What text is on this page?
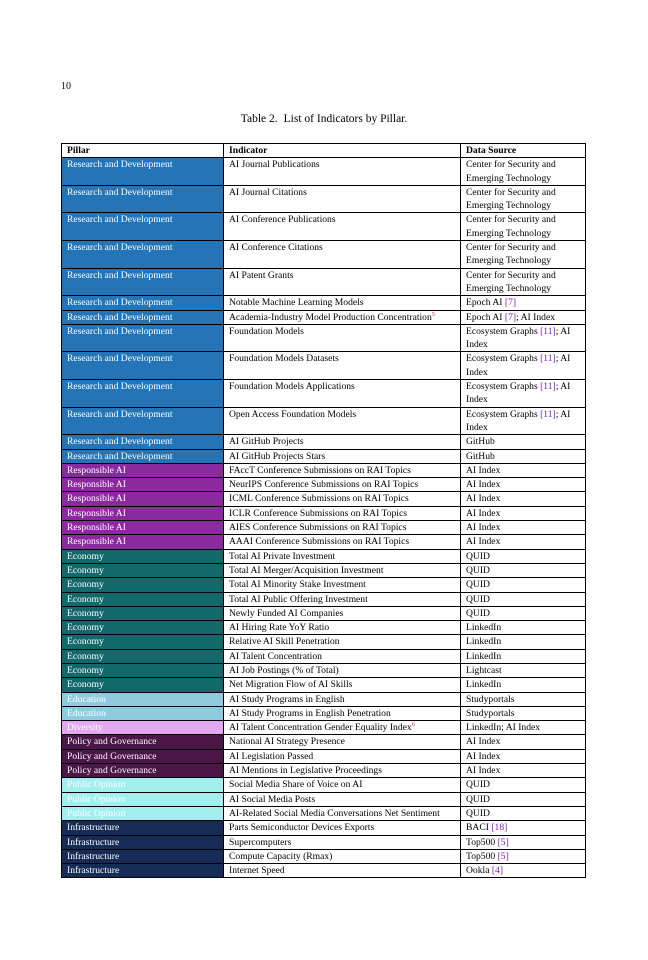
10
Table 2. List of Indicators by Pillar.
Pillar	Indicator	Data Source
Research and Development	AI Journal Publications	Center for Security and Emerging Technology
Research and Development	AI Journal Citations	Center for Security and Emerging Technology
Research and Development	AI Conference Publications	Center for Security and Emerging Technology
Research and Development	AI Conference Citations	Center for Security and Emerging Technology
Research and Development	AI Patent Grants	Center for Security and Emerging Technology
Research and Development	Notable Machine Learning Models	Epoch AI [7]
Research and Development	Academia-Industry Model Production Concentration$^5$	Epoch AI [7]; AI Index
Research and Development	Foundation Models	Ecosystem Graphs [11]; AI Index
Research and Development	Foundation Models Datasets	Ecosystem Graphs [11]; AI Index
Research and Development	Foundation Models Applications	Ecosystem Graphs [11]; AI Index
Research and Development	Open Access Foundation Models	Ecosystem Graphs [11]; AI Index
Research and Development	AI GitHub Projects	GitHub
Research and Development	AI GitHub Projects Stars	GitHub
Responsible AI	FAccT Conference Submissions on RAI Topics	AI Index
Responsible AI	NeurIPS Conference Submissions on RAI Topics	AI Index
Responsible AI	ICML Conference Submissions on RAI Topics	AI Index
Responsible AI	ICLR Conference Submissions on RAI Topics	AI Index
Responsible AI	AIES Conference Submissions on RAI Topics	AI Index
Responsible AI	AAAI Conference Submissions on RAI Topics	AI Index
Economy	Total AI Private Investment	QUID
Economy	Total AI Merger/Acquisition Investment	QUID
Economy	Total AI Minority Stake Investment	QUID
Economy	Total AI Public Offering Investment	QUID
Economy	Newly Funded AI Companies	QUID
Economy	AI Hiring Rate YoY Ratio	LinkedIn
Economy	Relative AI Skill Penetration	LinkedIn
Economy	AI Talent Concentration	LinkedIn
Economy	AI Job Postings (% of Total)	Lightcast
Economy	Net Migration Flow of AI Skills	LinkedIn
Education	AI Study Programs in English	Studyportals
Education	AI Study Programs in English Penetration	Studyportals
Diversity	AI Talent Concentration Gender Equality Index$^6$	LinkedIn; AI Index
Policy and Governance	National AI Strategy Presence	AI Index
Policy and Governance	AI Legislation Passed	AI Index
Policy and Governance	AI Mentions in Legislative Proceedings	AI Index
Public Opinion	Social Media Share of Voice on AI	QUID
Public Opinion	AI Social Media Posts	QUID
Public Opinion	AI-Related Social Media Conversations Net Sentiment	QUID
Infrastructure	Parts Semiconductor Devices Exports	BACI [18]
Infrastructure	Supercomputers	Top500 [5]
Infrastructure	Compute Capacity (Rmax)	Top500 [5]
Infrastructure	Internet Speed	Ookla [4]
